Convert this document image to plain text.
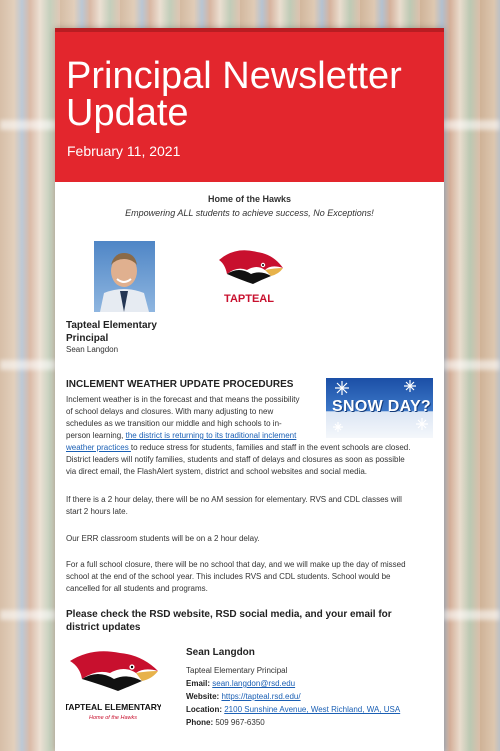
Principal Newsletter Update
February 11, 2021
Home of the Hawks
Empowering ALL students to achieve success, No Exceptions!
TAPTEAL
Tapteal Elementary Principal
Sean Langdon
INCLEMENT WEATHER UPDATE PROCEDURES
SNOW DAY?
Inclement weather is in the forecast and that means the possibility
of school delays and closures. With many adjusting to new
schedules as we transition our middle and high schools to in-
person learning, the district is returning to its traditional inclement
weather practices to reduce stress for students, families and staff in the event schools are closed.
District leaders will notify families, students and staff of delays and closures as soon as possible
via direct email, the FlashAlert system, district and school websites and social media.
If there is a 2 hour delay, there will be no AM session for elementary. RVS and CDL classes will
start 2 hours late.
Our ERR classroom students will be on a 2 hour delay.
For a full school closure, there will be no school that day, and we will make up the day of missed
school at the end of the school year. This includes RVS and CDL students. School would be
cancelled for all students and programs.
Please check the RSD website, RSD social media, and your email for district updates
TAPTEAL ELEMENTARY
Home of the Hawks
Sean Langdon
Tapteal Elementary Principal
Email: sean.langdon@rsd.edu
Website: https://tapteal.rsd.edu/
Location: 2100 Sunshine Avenue, West Richland, WA, USA
Phone: 509 967-6350
